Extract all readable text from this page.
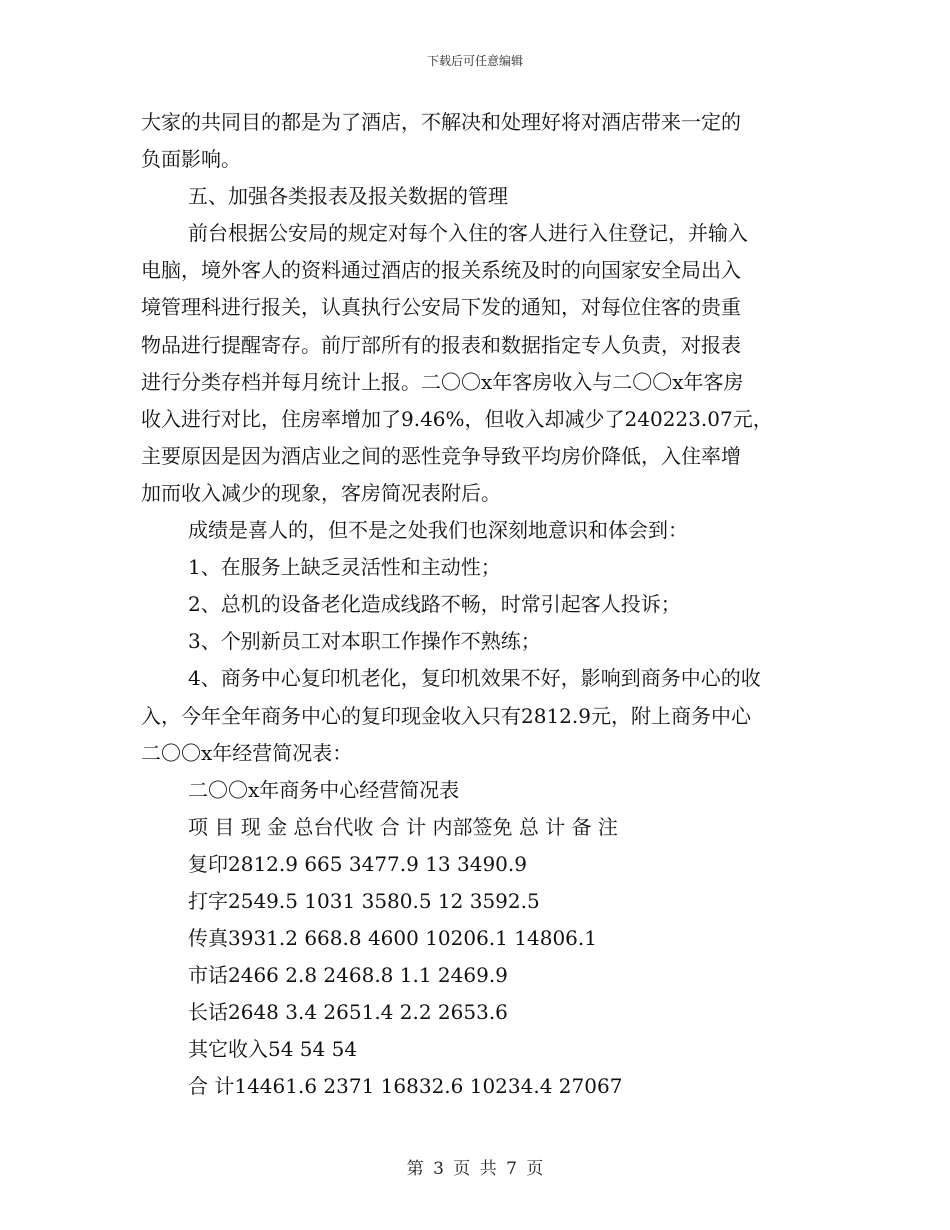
下载后可任意编辑

大家的共同目的都是为了酒店，不解决和处理好将对酒店带来一定的

负面影响。

五、加强各类报表及报关数据的管理

前台根据公安局的规定对每个入住的客人进行入住登记，并输入

电脑，境外客人的资料通过酒店的报关系统及时的向国家安全局出入

境管理科进行报关，认真执行公安局下发的通知，对每位住客的贵重

物品进行提醒寄存。前厅部所有的报表和数据指定专人负责，对报表

进行分类存档并每月统计上报。二〇〇x年客房收入与二〇〇x年客房

收入进行对比，住房率增加了9.46%，但收入却减少了240223.07元，

主要原因是因为酒店业之间的恶性竞争导致平均房价降低，入住率增

加而收入减少的现象，客房简况表附后。

成绩是喜人的，但不是之处我们也深刻地意识和体会到：

1、在服务上缺乏灵活性和主动性；

2、总机的设备老化造成线路不畅，时常引起客人投诉；

3、个别新员工对本职工作操作不熟练；

4、商务中心复印机老化，复印机效果不好，影响到商务中心的收

入，今年全年商务中心的复印现金收入只有2812.9元，附上商务中心

二〇〇x年经营简况表：

二〇〇x年商务中心经营简况表

项 目 现 金 总台代收 合 计 内部签免 总 计 备 注

复印2812.9 665 3477.9 13 3490.9

打字2549.5 1031 3580.5 12 3592.5

传真3931.2 668.8 4600 10206.1 14806.1

市话2466 2.8 2468.8 1.1 2469.9

长话2648 3.4 2651.4 2.2 2653.6

其它收入54 54 54

合 计14461.6 2371 16832.6 10234.4 27067

第 3 页 共 7 页
